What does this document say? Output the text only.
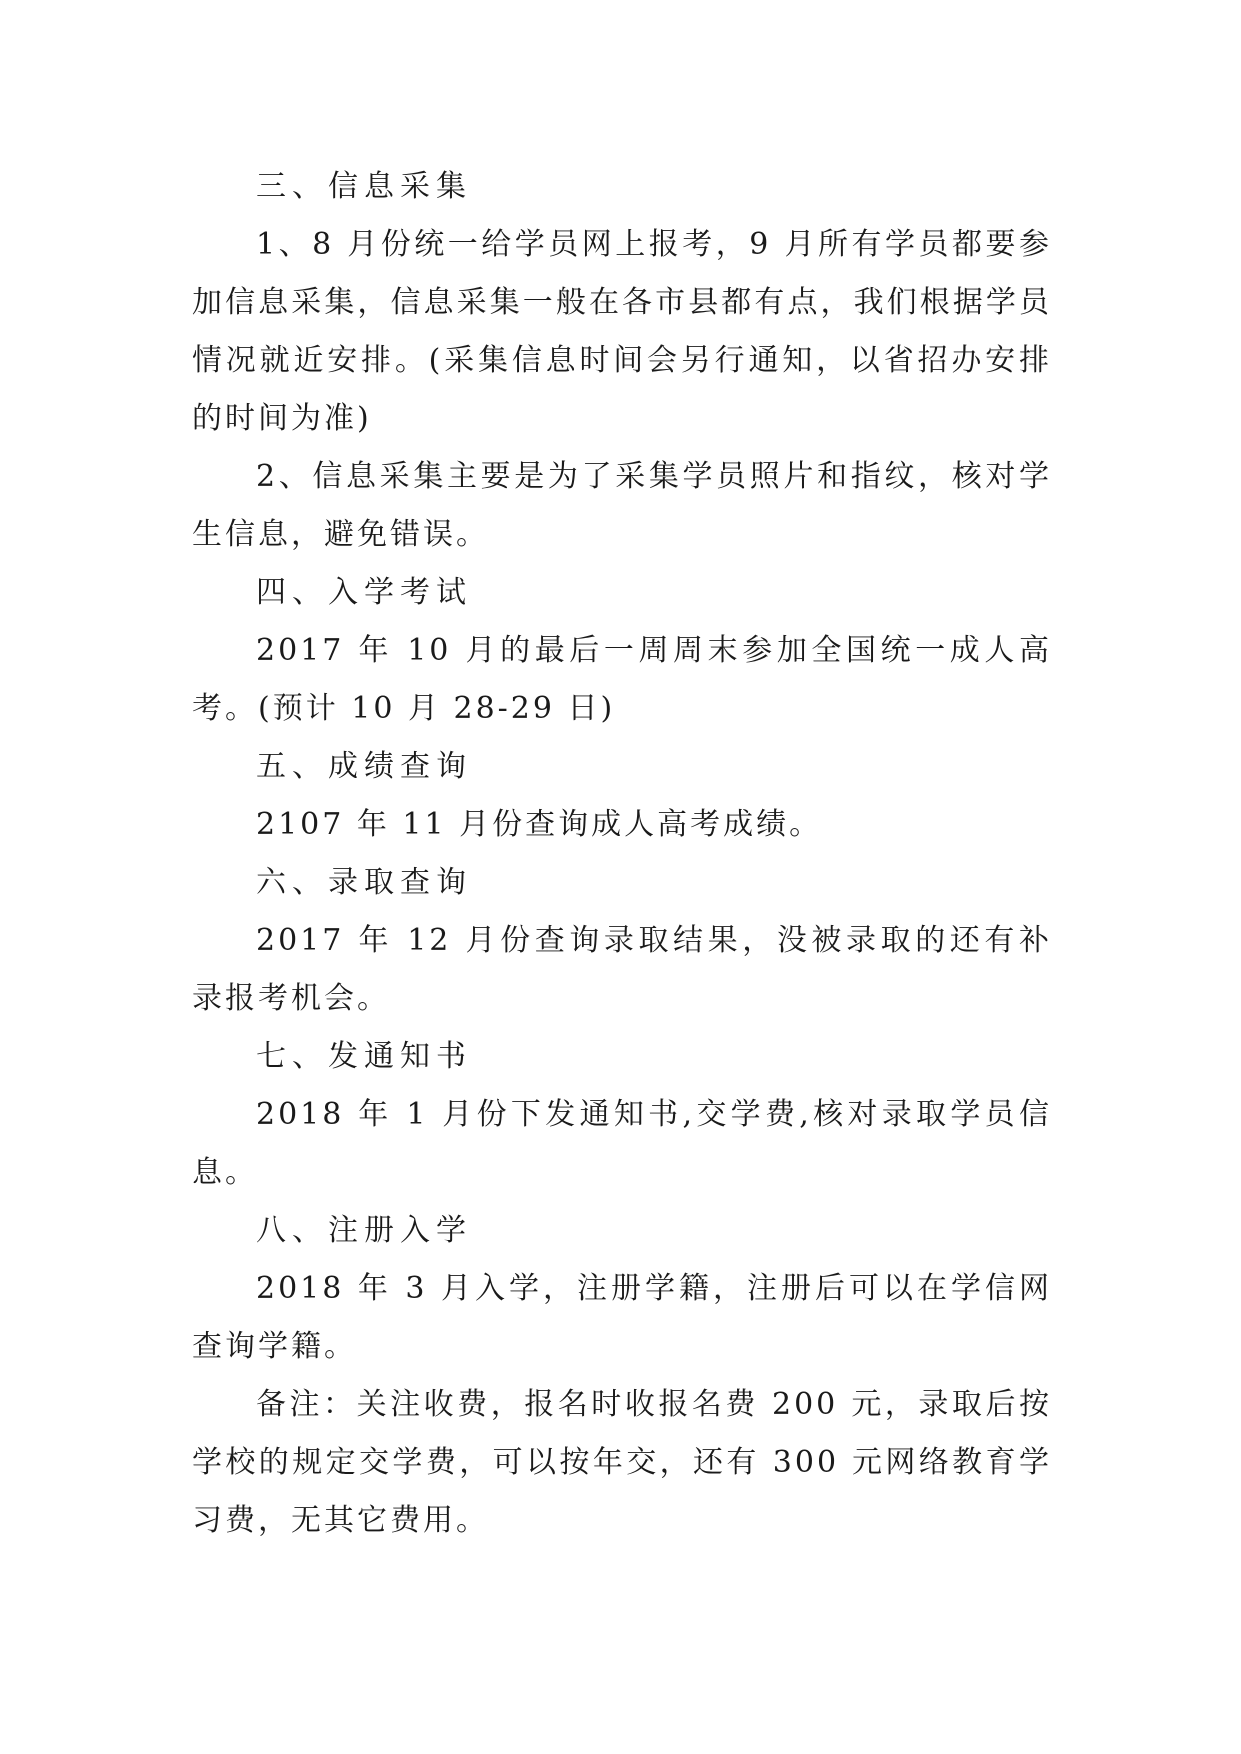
三、信息采集

1、8 月份统一给学员网上报考，9 月所有学员都要参加信息采集，信息采集一般在各市县都有点，我们根据学员情况就近安排。(采集信息时间会另行通知，以省招办安排的时间为准)

2、信息采集主要是为了采集学员照片和指纹，核对学生信息，避免错误。

四、入学考试

2017 年 10 月的最后一周周末参加全国统一成人高考。(预计 10 月 28-29 日)

五、成绩查询

2107 年 11 月份查询成人高考成绩。

六、录取查询

2017 年 12 月份查询录取结果，没被录取的还有补录报考机会。

七、发通知书

2018 年 1 月份下发通知书,交学费,核对录取学员信息。

八、注册入学

2018 年 3 月入学，注册学籍，注册后可以在学信网查询学籍。

备注：关注收费，报名时收报名费 200 元，录取后按学校的规定交学费，可以按年交，还有 300 元网络教育学习费，无其它费用。
